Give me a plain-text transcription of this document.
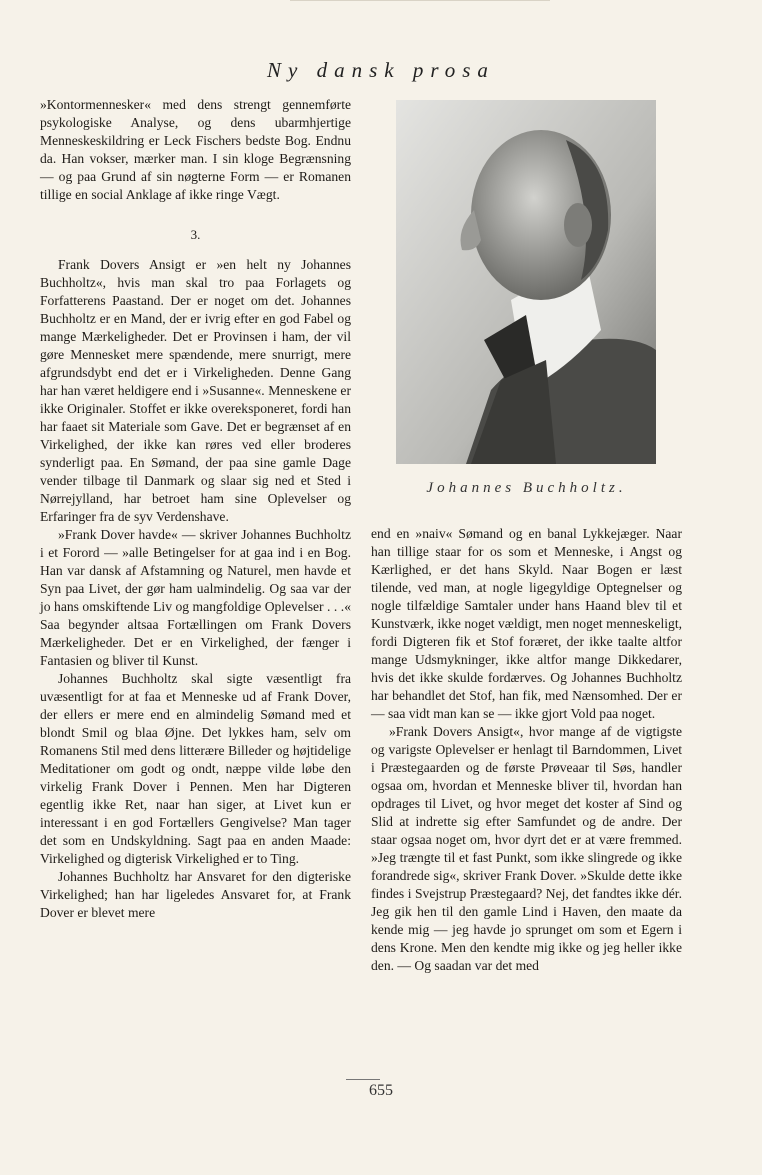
Ny dansk prosa

»Kontormennesker« med dens strengt gennemførte psykologiske Analyse, og dens ubarmhjertige Menneskeskildring er Leck Fischers bedste Bog. Endnu da. Han vokser, mærker man. I sin kloge Begrænsning — og paa Grund af sin nøgterne Form — er Romanen tillige en social Anklage af ikke ringe Vægt.

3.

Frank Dovers Ansigt er »en helt ny Johannes Buchholtz«, hvis man skal tro paa Forlagets og Forfatterens Paastand. Der er noget om det. Johannes Buchholtz er en Mand, der er ivrig efter en god Fabel og mange Mærkeligheder. Det er Provinsen i ham, der vil gøre Mennesket mere spændende, mere snurrigt, mere afgrundsdybt end det er i Virkeligheden. Denne Gang har han været heldigere end i »Susanne«. Menneskene er ikke Originaler. Stoffet er ikke overeksponeret, fordi han har faaet sit Materiale som Gave. Det er begrænset af en Virkelighed, der ikke kan røres ved eller broderes synderligt paa. En Sømand, der paa sine gamle Dage vender tilbage til Danmark og slaar sig ned et Sted i Nørrejylland, har betroet ham sine Oplevelser og Erfaringer fra de syv Verdenshave.

»Frank Dover havde« — skriver Johannes Buchholtz i et Forord — »alle Betingelser for at gaa ind i en Bog. Han var dansk af Afstamning og Naturel, men havde et Syn paa Livet, der gør ham ualmindelig. Og saa var der jo hans omskiftende Liv og mangfoldige Oplevelser . . .« Saa begynder altsaa Fortællingen om Frank Dovers Mærkeligheder. Det er en Virkelighed, der fænger i Fantasien og bliver til Kunst.

Johannes Buchholtz skal sigte væsentligt fra uvæsentligt for at faa et Menneske ud af Frank Dover, der ellers er mere end en almindelig Sømand med et blondt Smil og blaa Øjne. Det lykkes ham, selv om Romanens Stil med dens litterære Billeder og højtidelige Meditationer om godt og ondt, næppe vilde løbe den virkelig Frank Dover i Pennen. Men har Digteren egentlig ikke Ret, naar han siger, at Livet kun er interessant i en god Fortællers Gengivelse? Man tager det som en Undskyldning. Sagt paa en anden Maade: Virkelighed og digterisk Virkelighed er to Ting.

Johannes Buchholtz har Ansvaret for den digteriske Virkelighed; han har ligeledes Ansvaret for, at Frank Dover er blevet mere

Johannes Buchholtz.

end en »naiv« Sømand og en banal Lykkejæger. Naar han tillige staar for os som et Menneske, i Angst og Kærlighed, er det hans Skyld. Naar Bogen er læst tilende, ved man, at nogle ligegyldige Optegnelser og nogle tilfældige Samtaler under hans Haand blev til et Kunstværk, ikke noget vældigt, men noget menneskeligt, fordi Digteren fik et Stof foræret, der ikke taalte altfor mange Udsmykninger, ikke altfor mange Dikkedarer, hvis det ikke skulde fordærves. Og Johannes Buchholtz har behandlet det Stof, han fik, med Nænsomhed. Der er — saa vidt man kan se — ikke gjort Vold paa noget.

»Frank Dovers Ansigt«, hvor mange af de vigtigste og varigste Oplevelser er henlagt til Barndommen, Livet i Præstegaarden og de første Prøveaar til Søs, handler ogsaa om, hvordan et Menneske bliver til, hvordan han opdrages til Livet, og hvor meget det koster af Sind og Slid at indrette sig efter Samfundet og de andre. Der staar ogsaa noget om, hvor dyrt det er at være fremmed. »Jeg trængte til et fast Punkt, som ikke slingrede og ikke forandrede sig«, skriver Frank Dover. »Skulde dette ikke findes i Svejstrup Præstegaard? Nej, det fandtes ikke dér. Jeg gik hen til den gamle Lind i Haven, den maate da kende mig — jeg havde jo sprunget om som et Egern i dens Krone. Men den kendte mig ikke og jeg heller ikke den. — Og saadan var det med

655
